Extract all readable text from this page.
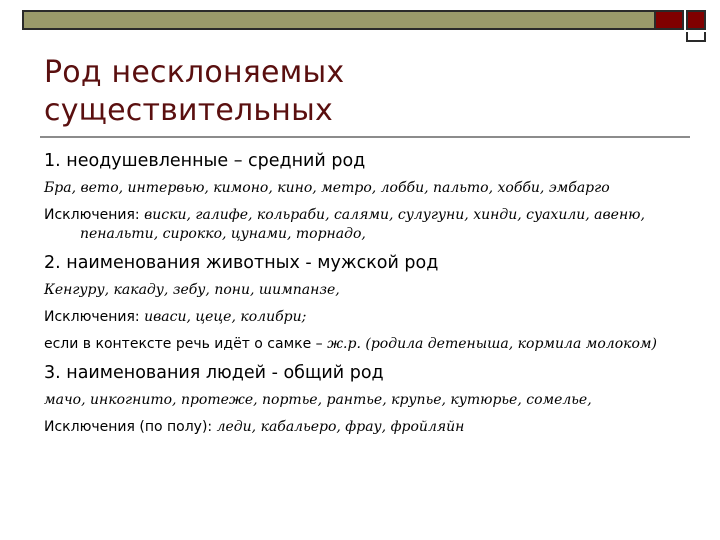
Род несклоняемых
существительных

1. неодушевленные – средний род

Бра, вето, интервью, кимоно, кино, метро, лобби, пальто, хобби, эмбарго

Исключения: виски, галифе, кольраби, салями, сулугуни, хинди, суахили, авеню, пенальти, сирокко, цунами, торнадо,

2. наименования животных - мужской род

Кенгуру, какаду, зебу, пони, шимпанзе,

Исключения: иваси, цеце, колибри;

если в контексте речь идёт о самке – ж.р. (родила детеныша, кормила молоком)

3. наименования людей - общий род

мачо, инкогнито, протеже, портье, рантье, крупье, кутюрье, сомелье,

Исключения (по полу): леди, кабальеро, фрау, фройляйн
